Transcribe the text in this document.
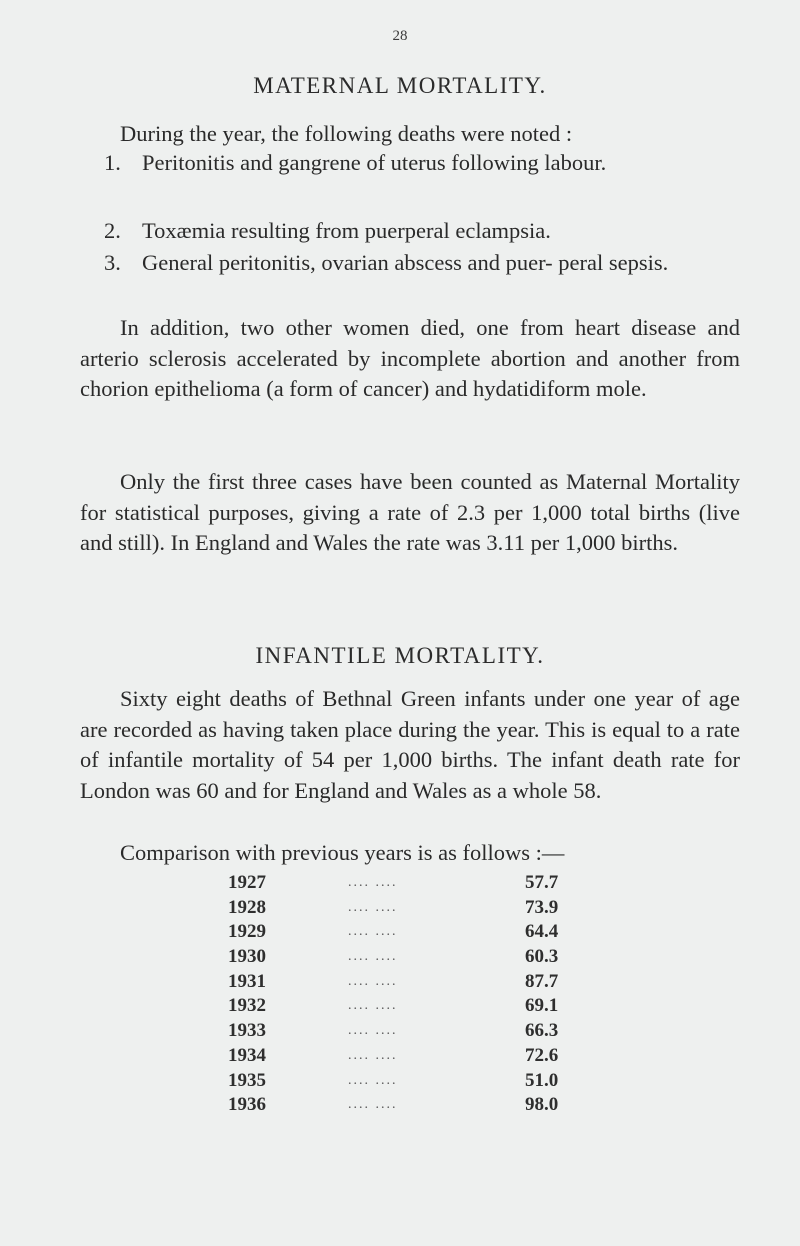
28
MATERNAL MORTALITY.
During the year, the following deaths were noted :
1. Peritonitis and gangrene of uterus following labour.
2. Toxæmia resulting from puerperal eclampsia.
3. General peritonitis, ovarian abscess and puer- peral sepsis.
In addition, two other women died, one from heart disease and arterio sclerosis accelerated by incomplete abortion and another from chorion epithelioma (a form of cancer) and hydatidiform mole.
Only the first three cases have been counted as Maternal Mortality for statistical purposes, giving a rate of 2.3 per 1,000 total births (live and still). In England and Wales the rate was 3.11 per 1,000 births.
INFANTILE MORTALITY.
Sixty eight deaths of Bethnal Green infants under one year of age are recorded as having taken place during the year. This is equal to a rate of infantile mortality of 54 per 1,000 births. The infant death rate for London was 60 and for England and Wales as a whole 58.
Comparison with previous years is as follows :—
1927	.... ....	57.7
1928	.... ....	73.9
1929	.... ....	64.4
1930	.... ....	60.3
1931	.... ....	87.7
1932	.... ....	69.1
1933	.... ....	66.3
1934	.... ....	72.6
1935	.... ....	51.0
1936	.... ....	98.0
